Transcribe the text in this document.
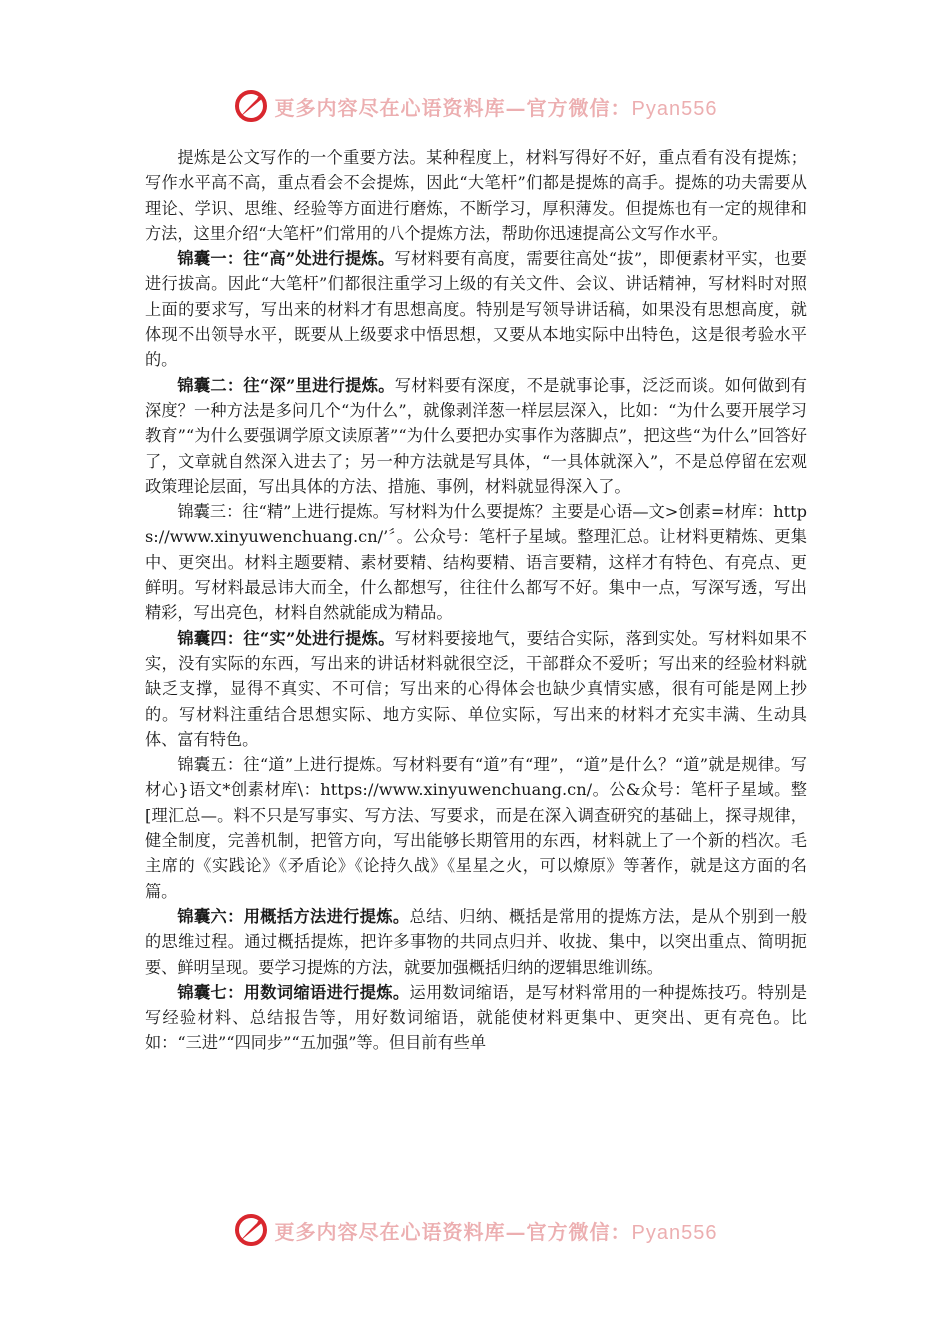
更多内容尽在心语资料库—官方微信：Pyan556

提炼是公文写作的一个重要方法。某种程度上，材料写得好不好，重点看有没有提炼；写作水平高不高，重点看会不会提炼，因此“大笔杆”们都是提炼的高手。提炼的功夫需要从理论、学识、思维、经验等方面进行磨炼，不断学习，厚积薄发。但提炼也有一定的规律和方法，这里介绍“大笔杆”们常用的八个提炼方法，帮助你迅速提高公文写作水平。

锦囊一：往“高”处进行提炼。写材料要有高度，需要往高处“拔”，即便素材平实，也要进行拔高。因此“大笔杆”们都很注重学习上级的有关文件、会议、讲话精神，写材料时对照上面的要求写，写出来的材料才有思想高度。特别是写领导讲话稿，如果没有思想高度，就体现不出领导水平，既要从上级要求中悟思想，又要从本地实际中出特色，这是很考验水平的。

锦囊二：往“深”里进行提炼。写材料要有深度，不是就事论事，泛泛而谈。如何做到有深度？一种方法是多问几个“为什么”，就像剥洋葱一样层层深入，比如：“为什么要开展学习教育”“为什么要强调学原文读原著”“为什么要把办实事作为落脚点”，把这些“为什么”回答好了，文章就自然深入进去了；另一种方法就是写具体，“一具体就深入”，不是总停留在宏观政策理论层面，写出具体的方法、措施、事例，材料就显得深入了。

锦囊三：往“精”上进行提炼。写材料为什么要提炼？主要是心语—文>创素=材库：https://www.xinyuwenchuang.cn/’〞。公众号：笔杆子星域。整理汇总。让材料更精炼、更集中、更突出。材料主题要精、素材要精、结构要精、语言要精，这样才有特色、有亮点、更鲜明。写材料最忌讳大而全，什么都想写，往往什么都写不好。集中一点，写深写透，写出精彩，写出亮色，材料自然就能成为精品。

锦囊四：往“实”处进行提炼。写材料要接地气，要结合实际，落到实处。写材料如果不实，没有实际的东西，写出来的讲话材料就很空泛，干部群众不爱听；写出来的经验材料就缺乏支撑，显得不真实、不可信；写出来的心得体会也缺少真情实感，很有可能是网上抄的。写材料注重结合思想实际、地方实际、单位实际，写出来的材料才充实丰满、生动具体、富有特色。

锦囊五：往“道”上进行提炼。写材料要有“道”有“理”，“道”是什么？“道”就是规律。写材心}语文*创素材库\：https://www.xinyuwenchuang.cn/。公&众号：笔杆子星域。整[理汇总—。料不只是写事实、写方法、写要求，而是在深入调查研究的基础上，探寻规律，健全制度，完善机制，把管方向，写出能够长期管用的东西，材料就上了一个新的档次。毛主席的《实践论》《矛盾论》《论持久战》《星星之火，可以燎原》等著作，就是这方面的名篇。

锦囊六：用概括方法进行提炼。总结、归纳、概括是常用的提炼方法，是从个别到一般的思维过程。通过概括提炼，把许多事物的共同点归并、收拢、集中，以突出重点、简明扼要、鲜明呈现。要学习提炼的方法，就要加强概括归纳的逻辑思维训练。

锦囊七：用数词缩语进行提炼。运用数词缩语，是写材料常用的一种提炼技巧。特别是写经验材料、总结报告等，用好数词缩语，就能使材料更集中、更突出、更有亮色。比如：“三进”“四同步”“五加强”等。但目前有些单

更多内容尽在心语资料库—官方微信：Pyan556
